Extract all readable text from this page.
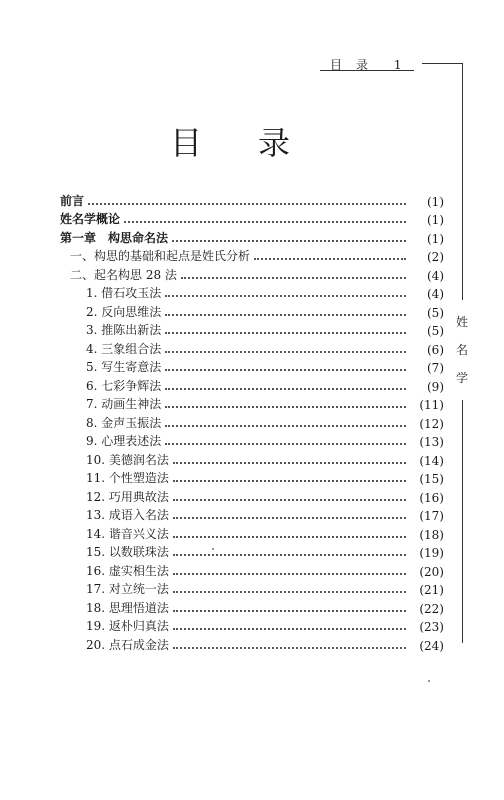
目录 1
姓
名
学
目录
前言	(1)
姓名学概论	(1)
第一章　构思命名法	(1)
一、构思的基础和起点是姓氏分析	(2)
二、起名构思 28 法	(4)
1. 借石攻玉法	(4)
2. 反向思维法	(5)
3. 推陈出新法	(5)
4. 三象组合法	(6)
5. 写生寄意法	(7)
6. 七彩争辉法	(9)
7. 动画生神法	(11)
8. 金声玉振法	(12)
9. 心理表述法	(13)
10. 美德润名法	(14)
11. 个性塑造法	(15)
12. 巧用典故法	(16)
13. 成语入名法	(17)
14. 谐音兴义法	(18)
15. 以数联珠法	(19)
16. 虚实相生法	(20)
17. 对立统一法	(21)
18. 思理悟道法	(22)
19. 返朴归真法	(23)
20. 点石成金法	(24)
